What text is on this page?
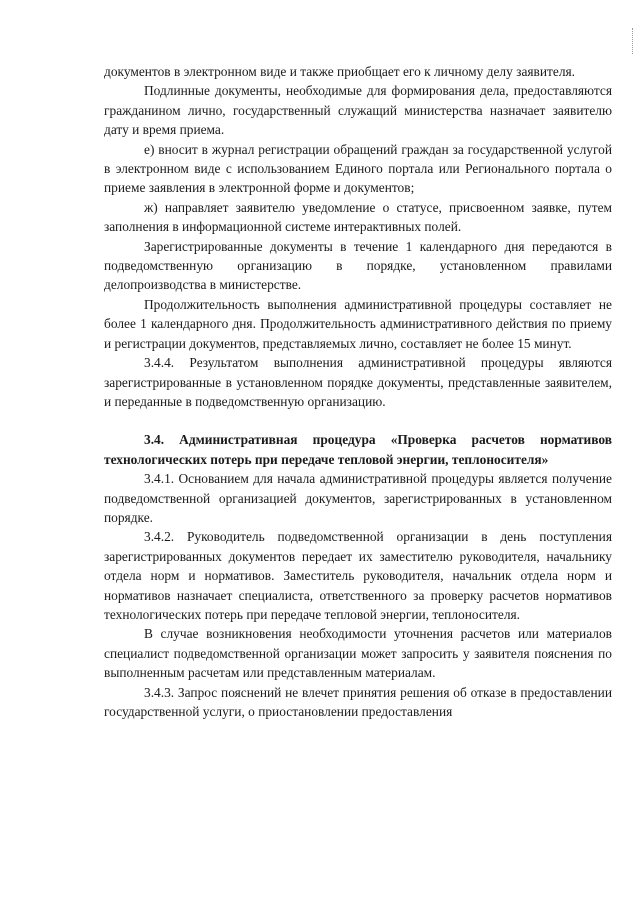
документов в электронном виде и также приобщает его к личному делу заявителя.

Подлинные документы, необходимые для формирования дела, предоставляются гражданином лично, государственный служащий министерства назначает заявителю дату и время приема.

е) вносит в журнал регистрации обращений граждан за государственной услугой в электронном виде с использованием Единого портала или Регионального портала о приеме заявления в электронной форме и документов;

ж) направляет заявителю уведомление о статусе, присвоенном заявке, путем заполнения в информационной системе интерактивных полей.

Зарегистрированные документы в течение 1 календарного дня передаются в подведомственную организацию в порядке, установленном правилами делопроизводства в министерстве.

Продолжительность выполнения административной процедуры составляет не более 1 календарного дня. Продолжительность административного действия по приему и регистрации документов, представляемых лично, составляет не более 15 минут.

3.4.4. Результатом выполнения административной процедуры являются зарегистрированные в установленном порядке документы, представленные заявителем, и переданные в подведомственную организацию.

3.4. Административная процедура «Проверка расчетов нормативов технологических потерь при передаче тепловой энергии, теплоносителя»

3.4.1. Основанием для начала административной процедуры является получение подведомственной организацией документов, зарегистрированных в установленном порядке.

3.4.2. Руководитель подведомственной организации в день поступления зарегистрированных документов передает их заместителю руководителя, начальнику отдела норм и нормативов. Заместитель руководителя, начальник отдела норм и нормативов назначает специалиста, ответственного за проверку расчетов нормативов технологических потерь при передаче тепловой энергии, теплоносителя.

В случае возникновения необходимости уточнения расчетов или материалов специалист подведомственной организации может запросить у заявителя пояснения по выполненным расчетам или представленным материалам.

3.4.3. Запрос пояснений не влечет принятия решения об отказе в предоставлении государственной услуги, о приостановлении предоставления
